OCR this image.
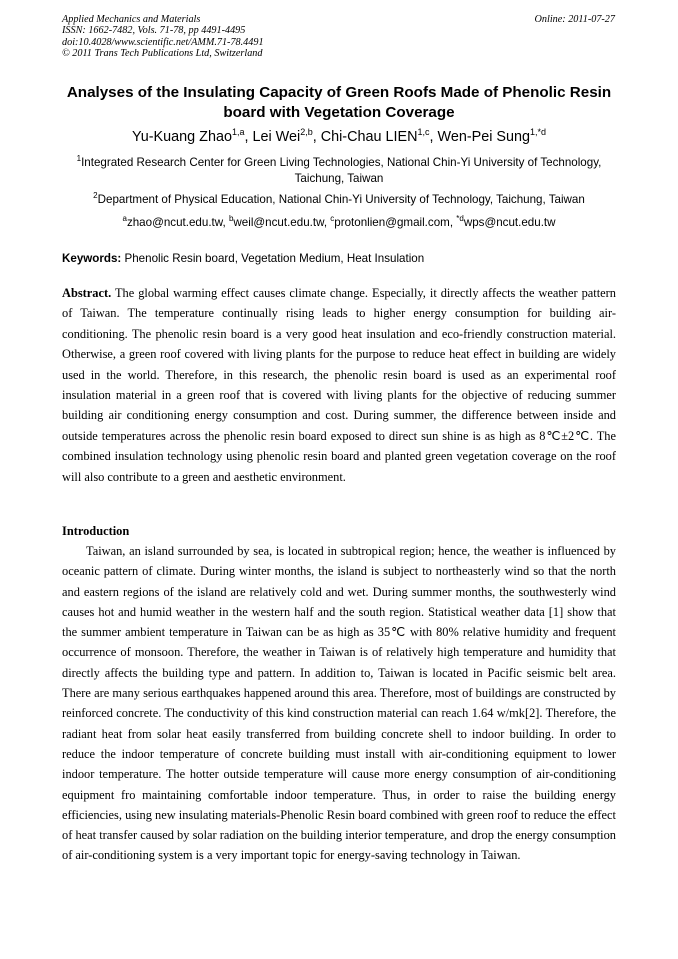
Applied Mechanics and Materials
ISSN: 1662-7482, Vols. 71-78, pp 4491-4495
doi:10.4028/www.scientific.net/AMM.71-78.4491
© 2011 Trans Tech Publications Ltd, Switzerland
Online: 2011-07-27
Analyses of the Insulating Capacity of Green Roofs Made of Phenolic Resin board with Vegetation Coverage
Yu-Kuang Zhao$^{1,a}$, Lei Wei$^{2,b}$, Chi-Chau LIEN$^{1,c}$, Wen-Pei Sung$^{1,*d}$
$^1$Integrated Research Center for Green Living Technologies, National Chin-Yi University of Technology, Taichung, Taiwan
$^2$Department of Physical Education, National Chin-Yi University of Technology, Taichung, Taiwan
$^a$zhao@ncut.edu.tw, $^b$weil@ncut.edu.tw, $^c$protonlien@gmail.com, $^{*d}$wps@ncut.edu.tw
Keywords: Phenolic Resin board, Vegetation Medium, Heat Insulation
Abstract. The global warming effect causes climate change. Especially, it directly affects the weather pattern of Taiwan. The temperature continually rising leads to higher energy consumption for building air-conditioning. The phenolic resin board is a very good heat insulation and eco-friendly construction material. Otherwise, a green roof covered with living plants for the purpose to reduce heat effect in building are widely used in the world. Therefore, in this research, the phenolic resin board is used as an experimental roof insulation material in a green roof that is covered with living plants for the objective of reducing summer building air conditioning energy consumption and cost. During summer, the difference between inside and outside temperatures across the phenolic resin board exposed to direct sun shine is as high as 8℃±2℃. The combined insulation technology using phenolic resin board and planted green vegetation coverage on the roof will also contribute to a green and aesthetic environment.
Introduction
Taiwan, an island surrounded by sea, is located in subtropical region; hence, the weather is influenced by oceanic pattern of climate. During winter months, the island is subject to northeasterly wind so that the north and eastern regions of the island are relatively cold and wet. During summer months, the southwesterly wind causes hot and humid weather in the western half and the south region. Statistical weather data [1] show that the summer ambient temperature in Taiwan can be as high as 35℃ with 80% relative humidity and frequent occurrence of monsoon. Therefore, the weather in Taiwan is of relatively high temperature and humidity that directly affects the building type and pattern. In addition to, Taiwan is located in Pacific seismic belt area. There are many serious earthquakes happened around this area. Therefore, most of buildings are constructed by reinforced concrete. The conductivity of this kind construction material can reach 1.64 w/mk[2]. Therefore, the radiant heat from solar heat easily transferred from building concrete shell to indoor building. In order to reduce the indoor temperature of concrete building must install with air-conditioning equipment to lower indoor temperature. The hotter outside temperature will cause more energy consumption of air-conditioning equipment fro maintaining comfortable indoor temperature. Thus, in order to raise the building energy efficiencies, using new insulating materials-Phenolic Resin board combined with green roof to reduce the effect of heat transfer caused by solar radiation on the building interior temperature, and drop the energy consumption of air-conditioning system is a very important topic for energy-saving technology in Taiwan.
